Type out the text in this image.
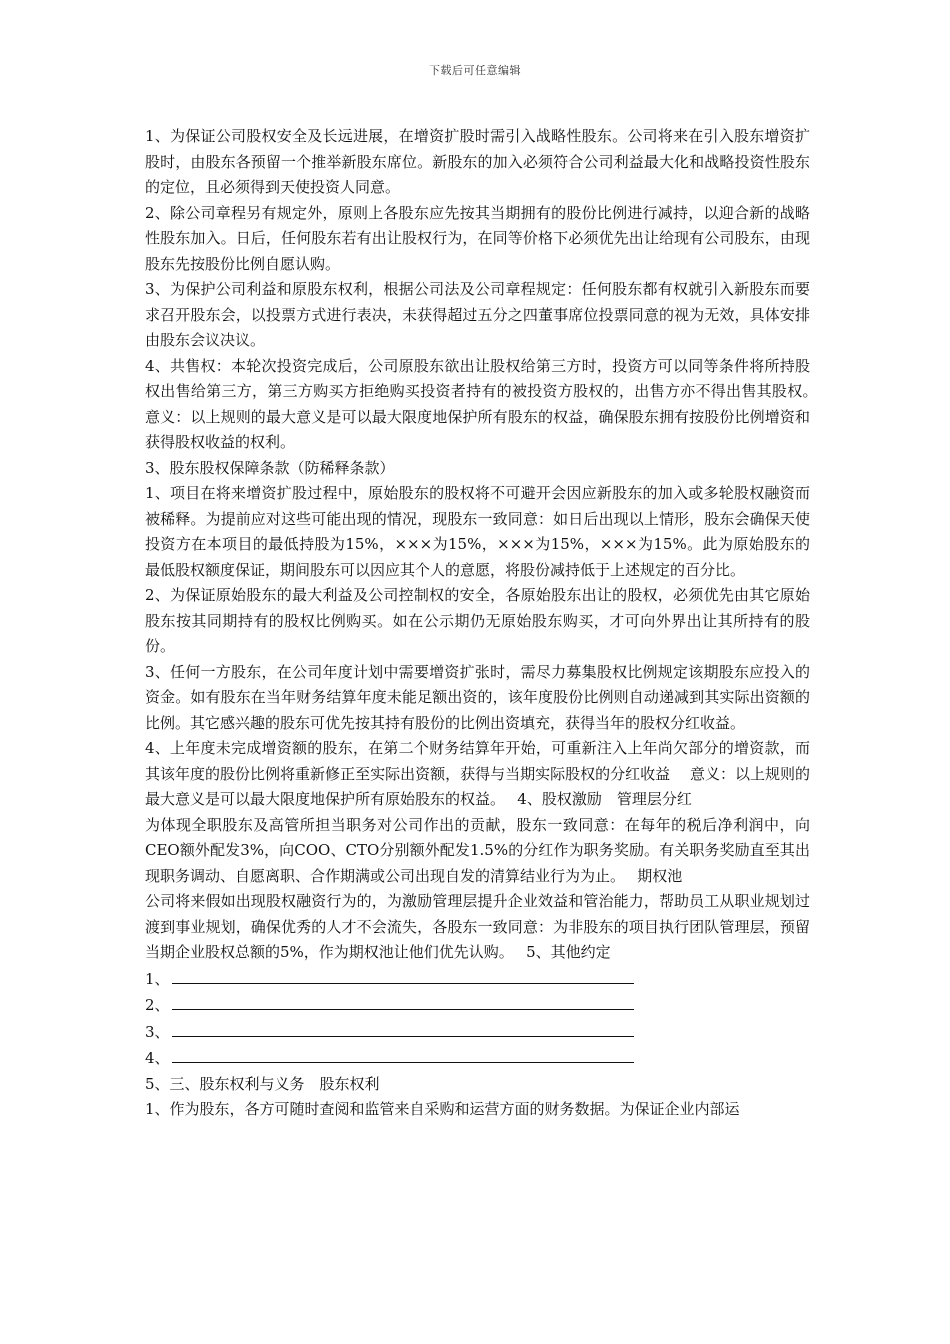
下载后可任意编辑

1、为保证公司股权安全及长远进展，在增资扩股时需引入战略性股东。公司将来在引入股东增资扩股时，由股东各预留一个推举新股东席位。新股东的加入必须符合公司利益最大化和战略投资性股东的定位，且必须得到天使投资人同意。

2、除公司章程另有规定外，原则上各股东应先按其当期拥有的股份比例进行减持，以迎合新的战略性股东加入。日后，任何股东若有出让股权行为，在同等价格下必须优先出让给现有公司股东，由现股东先按股份比例自愿认购。

3、为保护公司利益和原股东权利，根据公司法及公司章程规定：任何股东都有权就引入新股东而要求召开股东会，以投票方式进行表决，未获得超过五分之四董事席位投票同意的视为无效，具体安排由股东会议决议。

4、共售权：本轮次投资完成后，公司原股东欲出让股权给第三方时，投资方可以同等条件将所持股权出售给第三方，第三方购买方拒绝购买投资者持有的被投资方股权的，出售方亦不得出售其股权。　 意义：以上规则的最大意义是可以最大限度地保护所有股东的权益，确保股东拥有按股份比例增资和获得股权收益的权利。

3、股东股权保障条款（防稀释条款）

1、项目在将来增资扩股过程中，原始股东的股权将不可避开会因应新股东的加入或多轮股权融资而被稀释。为提前应对这些可能出现的情况，现股东一致同意：如日后出现以上情形，股东会确保天使投资方在本项目的最低持股为15%，×××为15%，×××为15%，×××为15%。此为原始股东的最低股权额度保证，期间股东可以因应其个人的意愿，将股份减持低于上述规定的百分比。

2、为保证原始股东的最大利益及公司控制权的安全，各原始股东出让的股权，必须优先由其它原始股东按其同期持有的股权比例购买。如在公示期仍无原始股东购买，才可向外界出让其所持有的股份。

3、任何一方股东，在公司年度计划中需要增资扩张时，需尽力募集股权比例规定该期股东应投入的资金。如有股东在当年财务结算年度未能足额出资的，该年度股份比例则自动递减到其实际出资额的比例。其它感兴趣的股东可优先按其持有股份的比例出资填充，获得当年的股权分红收益。

4、上年度未完成增资额的股东，在第二个财务结算年开始，可重新注入上年尚欠部分的增资款，而其该年度的股份比例将重新修正至实际出资额，获得与当期实际股权的分红收益　 意义：以上规则的最大意义是可以最大限度地保护所有原始股东的权益。　 4、股权激励　管理层分红

为体现全职股东及高管所担当职务对公司作出的贡献，股东一致同意：在每年的税后净利润中，向CEO额外配发3%，向COO、CTO分别额外配发1.5%的分红作为职务奖励。有关职务奖励直至其出现职务调动、自愿离职、合作期满或公司出现自发的清算结业行为为止。　 期权池

公司将来假如出现股权融资行为的，为激励管理层提升企业效益和管治能力，帮助员工从职业规划过渡到事业规划，确保优秀的人才不会流失，各股东一致同意：为非股东的项目执行团队管理层，预留当期企业股权总额的5%，作为期权池让他们优先认购。　 5、其他约定

1、
2、
3、
4、

5、三、股东权利与义务　股东权利

1、作为股东，各方可随时查阅和监管来自采购和运营方面的财务数据。为保证企业内部运
